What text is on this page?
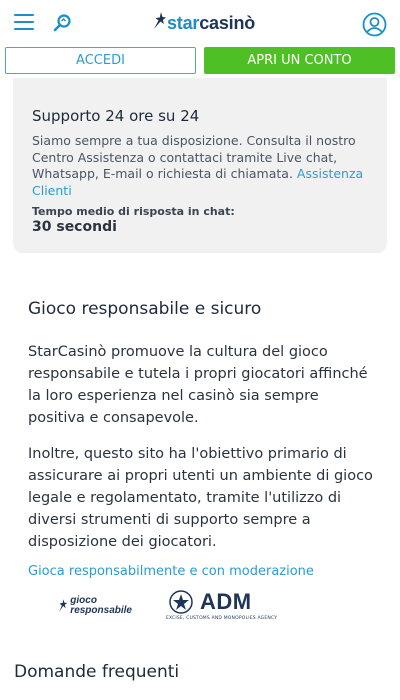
starcasinò
ACCEDI	APRI UN CONTO
Supporto 24 ore su 24
Siamo sempre a tua disposizione. Consulta il nostro Centro Assistenza o contattaci tramite Live chat, Whatsapp, E-mail o richiesta di chiamata. Assistenza Clienti
Tempo medio di risposta in chat:
30 secondi
Gioco responsabile e sicuro
StarCasinò promuove la cultura del gioco responsabile e tutela i propri giocatori affinché la loro esperienza nel casinò sia sempre positiva e consapevole.
Inoltre, questo sito ha l'obiettivo primario di assicurare ai propri utenti un ambiente di gioco legale e regolamentato, tramite l'utilizzo di diversi strumenti di supporto sempre a disposizione dei giocatori.
Gioca responsabilmente e con moderazione
gioco
responsabile	ADM
EXCISE, CUSTOMS AND MONOPOLIES AGENCY
Domande frequenti
